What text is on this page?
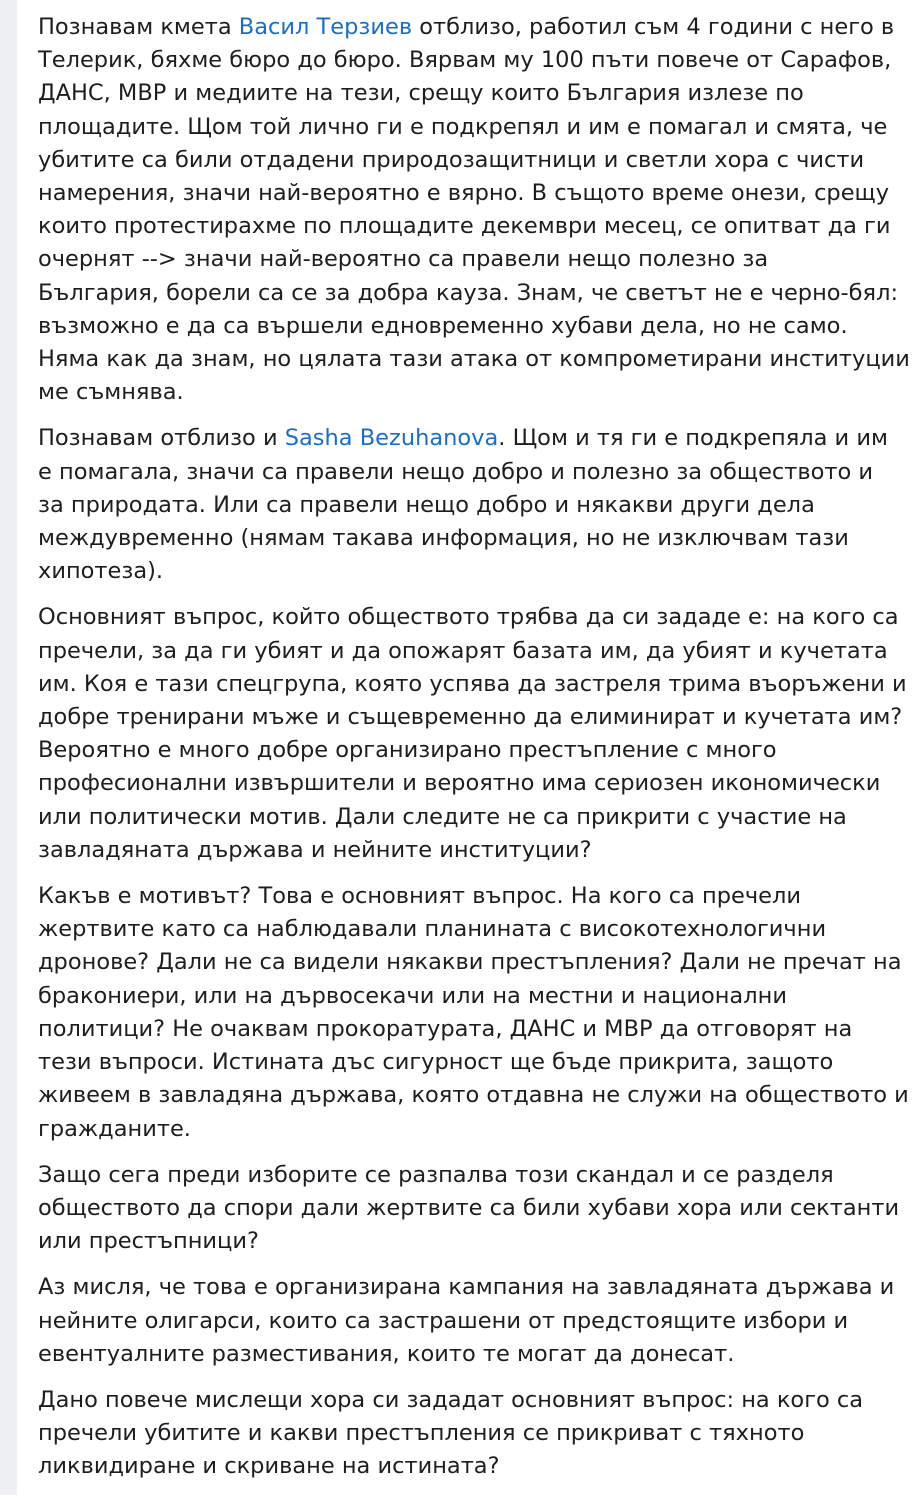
Познавам кмета Васил Терзиев отблизо, работил съм 4 години с него в
Телерик, бяхме бюро до бюро. Вярвам му 100 пъти повече от Сарафов,
ДАНС, МВР и медиите на тези, срещу които България излезе по
площадите. Щом той лично ги е подкрепял и им е помагал и смята, че
убитите са били отдадени природозащитници и светли хора с чисти
намерения, значи най-вероятно е вярно. В същото време онези, срещу
които протестирахме по площадите декември месец, се опитват да ги
очернят --> значи най-вероятно са правели нещо полезно за
България, борели са се за добра кауза. Знам, че светът не е черно-бял:
възможно е да са вършели едновременно хубави дела, но не само.
Няма как да знам, но цялата тази атака от компрометирани институции
ме съмнява.
Познавам отблизо и Sasha Bezuhanova. Щом и тя ги е подкрепяла и им
е помагала, значи са правели нещо добро и полезно за обществото и
за природата. Или са правели нещо добро и някакви други дела
междувременно (нямам такава информация, но не изключвам тази
хипотеза).
Основният въпрос, който обществото трябва да си зададе е: на кого са
пречели, за да ги убият и да опожарят базата им, да убият и кучетата
им. Коя е тази спецгрупа, която успява да застреля трима въоръжени и
добре тренирани мъже и същевременно да елиминират и кучетата им?
Вероятно е много добре организирано престъпление с много
професионални извършители и вероятно има сериозен икономически
или политически мотив. Дали следите не са прикрити с участие на
завладяната държава и нейните институции?
Какъв е мотивът? Това е основният въпрос. На кого са пречели
жертвите като са наблюдавали планината с високотехнологични
дронове? Дали не са видели някакви престъпления? Дали не пречат на
бракониери, или на дървосекачи или на местни и национални
политици? Не очаквам прокоратурата, ДАНС и МВР да отговорят на
тези въпроси. Истината дъс сигурност ще бъде прикрита, защото
живеем в завладяна държава, която отдавна не служи на обществото и
гражданите.
Защо сега преди изборите се разпалва този скандал и се разделя
обществото да спори дали жертвите са били хубави хора или сектанти
или престъпници?
Аз мисля, че това е организирана кампания на завладяната държава и
нейните олигарси, които са застрашени от предстоящите избори и
евентуалните разместивания, които те могат да донесат.
Дано повече мислещи хора си зададат основният въпрос: на кого са
пречели убитите и какви престъпления се прикриват с тяхното
ликвидиране и скриване на истината?
